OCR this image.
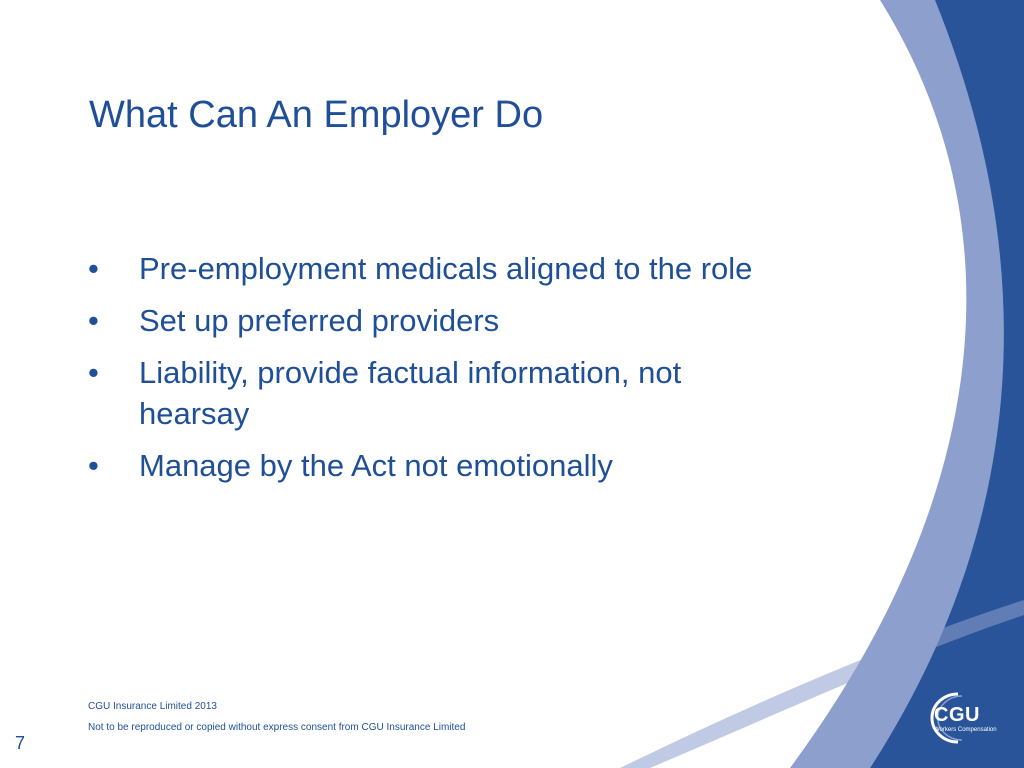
What Can An Employer Do
• Pre-employment medicals aligned to the role
• Set up preferred providers
• Liability, provide factual information, not hearsay
• Manage by the Act not emotionally
CGU Insurance Limited 2013
Not to be reproduced or copied without express consent from CGU Insurance Limited
7
CGU
Workers Compensation
